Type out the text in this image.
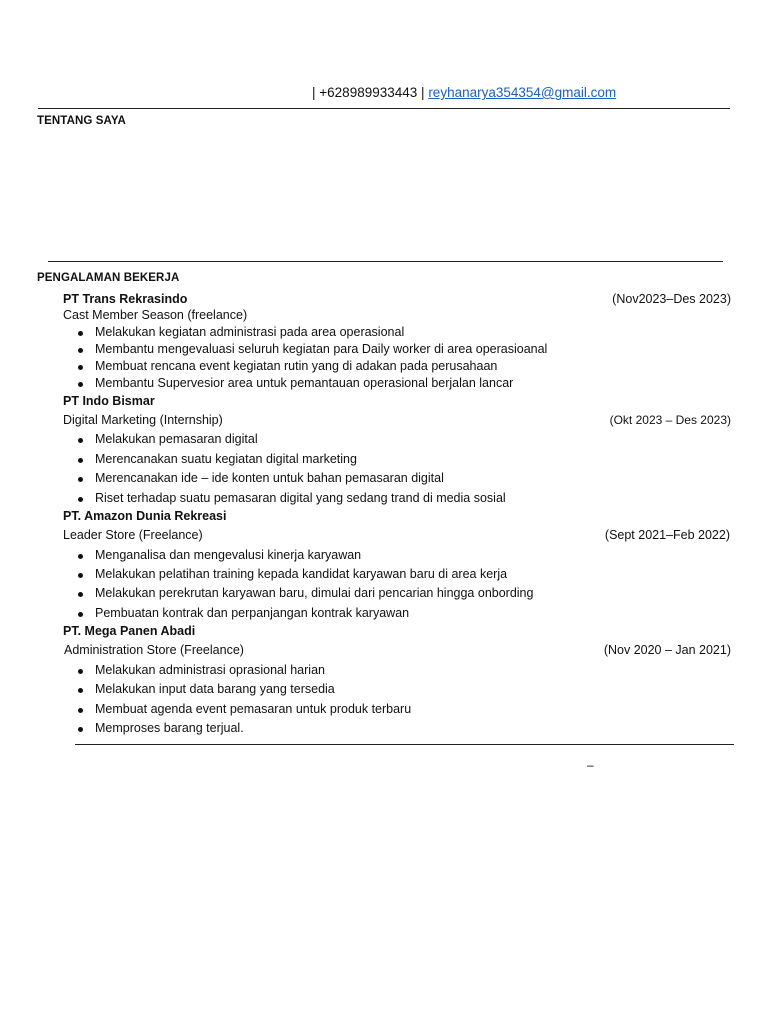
| +628989933443 | reyhanarya354354@gmail.com
TENTANG SAYA
PENGALAMAN BEKERJA
PT Trans Rekrasindo	(Nov2023–Des 2023)
Cast Member Season (freelance)
Melakukan kegiatan administrasi pada area operasional
Membantu mengevaluasi seluruh kegiatan para Daily worker di area operasioanal
Membuat rencana event kegiatan rutin yang di adakan pada perusahaan
Membantu Supervesior area untuk pemantauan operasional berjalan lancar
PT Indo Bismar
Digital Marketing (Internship)	(Okt 2023 – Des 2023)
Melakukan pemasaran digital
Merencanakan suatu kegiatan digital marketing
Merencanakan ide – ide konten untuk bahan pemasaran digital
Riset terhadap suatu pemasaran digital yang sedang trand di media sosial
PT. Amazon Dunia Rekreasi
Leader Store (Freelance)	(Sept 2021–Feb 2022)
Menganalisa dan mengevalusi kinerja karyawan
Melakukan pelatihan training kepada kandidat karyawan baru di area kerja
Melakukan perekrutan karyawan baru, dimulai dari pencarian hingga onbording
Pembuatan kontrak dan perpanjangan kontrak karyawan
PT. Mega Panen Abadi
Administration Store (Freelance)	(Nov 2020 – Jan 2021)
Melakukan administrasi oprasional harian
Melakukan input data barang yang tersedia
Membuat agenda event pemasaran untuk produk terbaru
Memproses barang terjual.
–
